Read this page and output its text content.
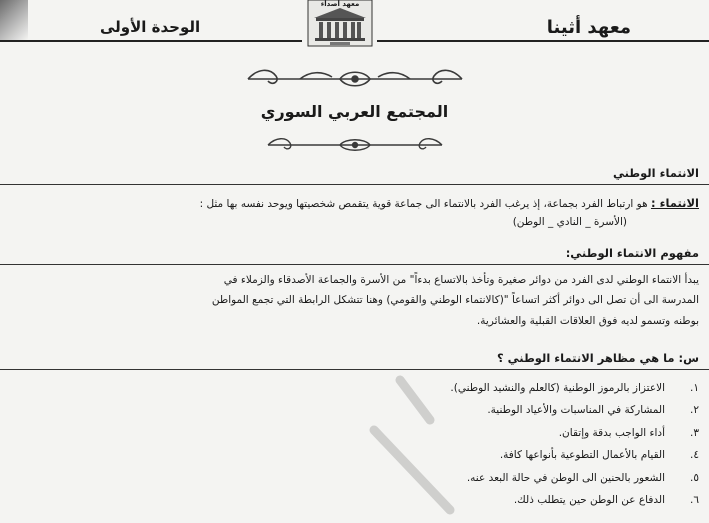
الوحدة الأولى	معهد أثينا
معهد اصداء
المجتمع العربي السوري
الانتماء الوطني
الانتماء : هو ارتباط الفرد بجماعة، إذ يرغب الفرد بالانتماء الى جماعة قوية يتقمص شخصيتها ويوحد نفسه بها مثل :
(الأسرة _ النادي _ الوطن)
مفهوم الانتماء الوطني:
يبدأ الانتماء الوطني لدى الفرد من دوائر صغيرة وتأخذ بالاتساع بدءاً" من الأسرة والجماعة الأصدقاء والزملاء في
المدرسة الى أن تصل الى دوائر أكثر اتساعاً "(كالانتماء الوطني والقومي) وهنا تتشكل الرابطة التي تجمع المواطن
بوطنه وتسمو لديه فوق العلاقات القبلية والعشائرية.
س: ما هي مظاهر الانتماء الوطني ؟
١.الاعتزاز بالرموز الوطنية (كالعلم والنشيد الوطني).
٢.المشاركة في المناسبات والأعياد الوطنية.
٣.أداء الواجب بدقة وإتقان.
٤.القيام بالأعمال التطوعية بأنواعها كافة.
٥.الشعور بالحنين الى الوطن في حالة البعد عنه.
٦.الدفاع عن الوطن حين يتطلب ذلك.
